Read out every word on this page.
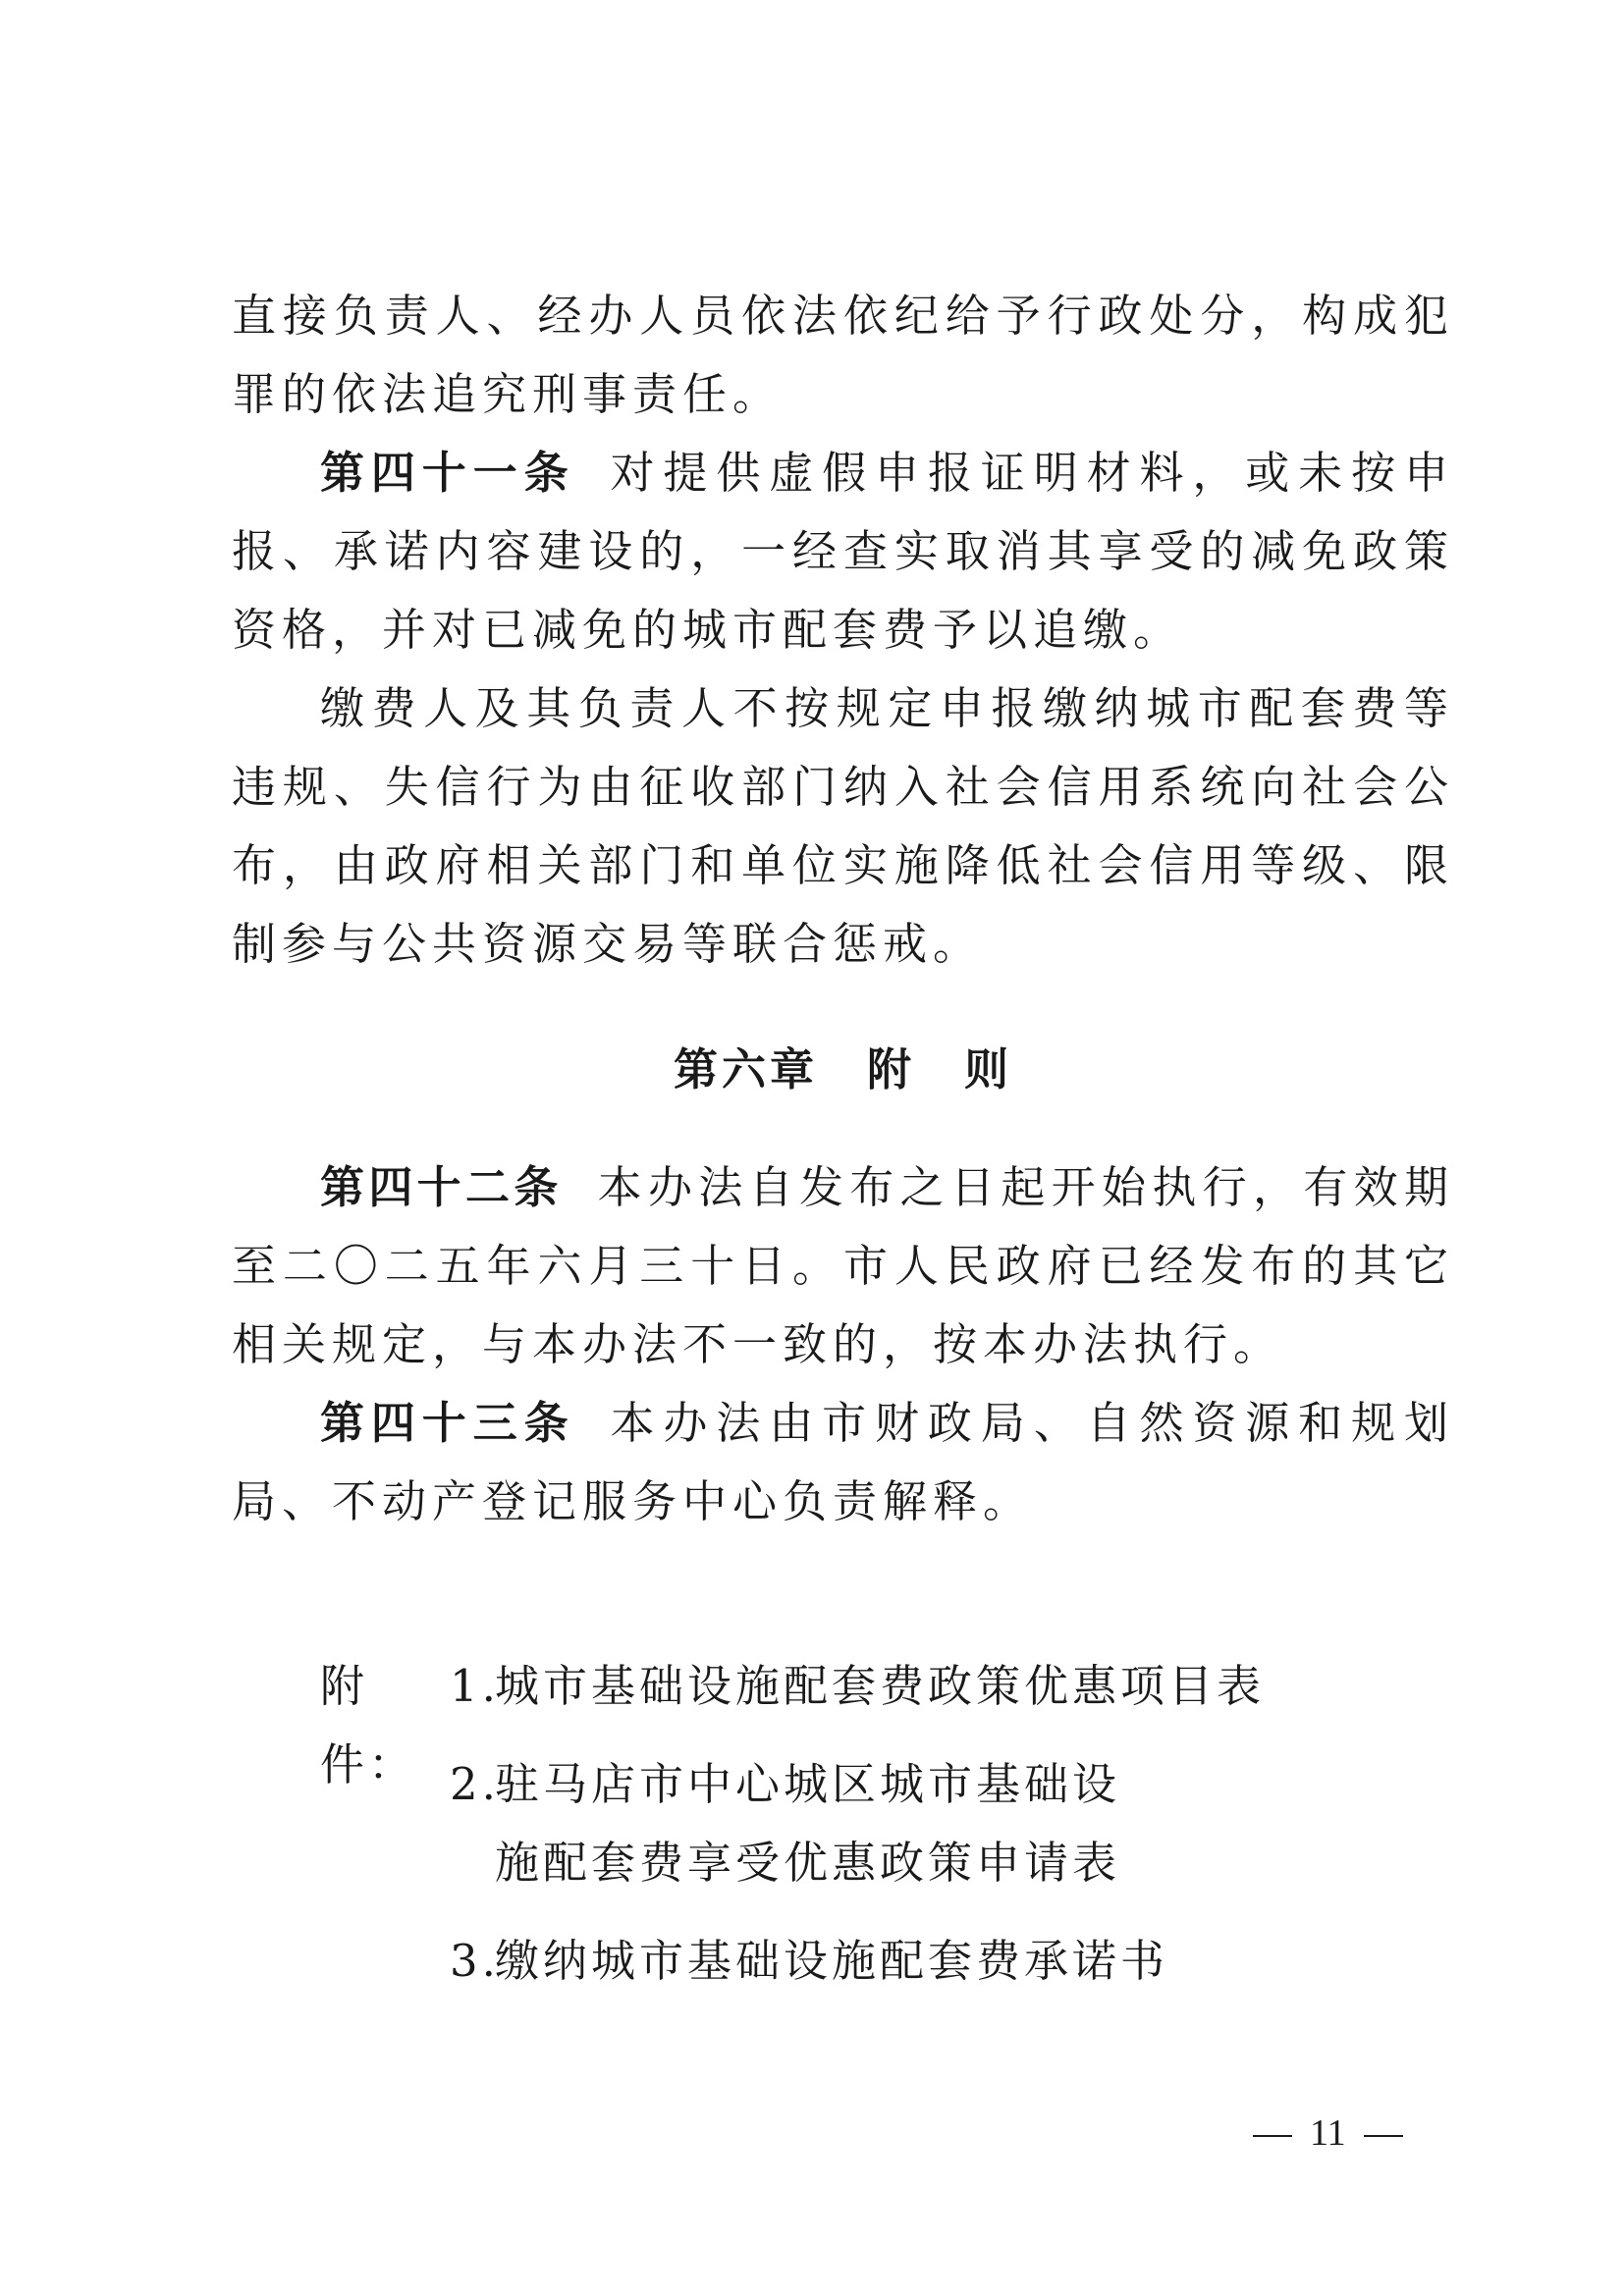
直接负责人、经办人员依法依纪给予行政处分，构成犯罪的依法追究刑事责任。

第四十一条 对提供虚假申报证明材料，或未按申报、承诺内容建设的，一经查实取消其享受的减免政策资格，并对已减免的城市配套费予以追缴。

缴费人及其负责人不按规定申报缴纳城市配套费等违规、失信行为由征收部门纳入社会信用系统向社会公布，由政府相关部门和单位实施降低社会信用等级、限制参与公共资源交易等联合惩戒。

第六章 附 则

第四十二条 本办法自发布之日起开始执行，有效期至二〇二五年六月三十日。市人民政府已经发布的其它相关规定，与本办法不一致的，按本办法执行。

第四十三条 本办法由市财政局、自然资源和规划局、不动产登记服务中心负责解释。

附件：
1.
城市基础设施配套费政策优惠项目表
2.
驻马店市中心城区城市基础设施配套费享受优惠政策申请表
3.
缴纳城市基础设施配套费承诺书
11
